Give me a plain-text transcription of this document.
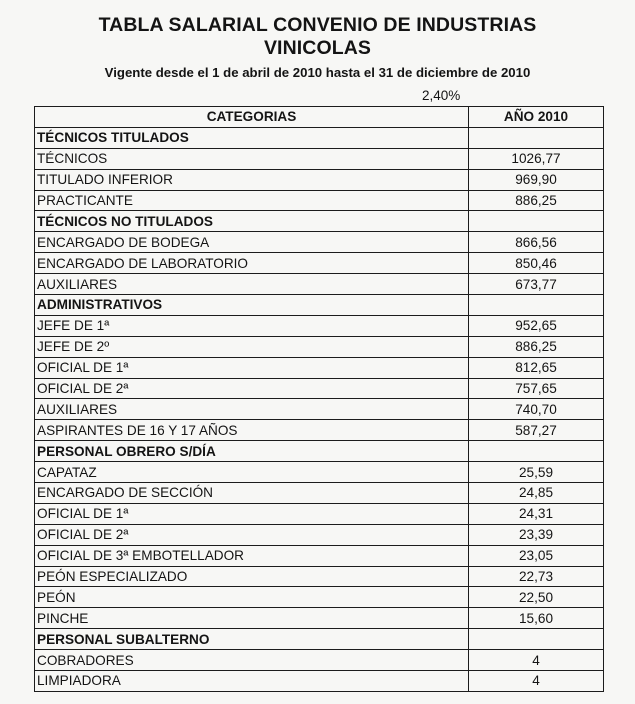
TABLA SALARIAL CONVENIO DE INDUSTRIAS
VINICOLAS
Vigente desde el 1 de abril de 2010 hasta el 31 de diciembre de 2010
2,40%
CATEGORIAS	AÑO 2010
TÉCNICOS TITULADOS	
TÉCNICOS	1026,77
TITULADO INFERIOR	969,90
PRACTICANTE	886,25
TÉCNICOS NO TITULADOS	
ENCARGADO DE BODEGA	866,56
ENCARGADO DE LABORATORIO	850,46
AUXILIARES	673,77
ADMINISTRATIVOS	
JEFE DE 1ª	952,65
JEFE DE 2º	886,25
OFICIAL DE 1ª	812,65
OFICIAL DE 2ª	757,65
AUXILIARES	740,70
ASPIRANTES DE 16 Y 17 AÑOS	587,27
PERSONAL OBRERO S/DÍA	
CAPATAZ	25,59
ENCARGADO DE SECCIÓN	24,85
OFICIAL DE 1ª	24,31
OFICIAL DE 2ª	23,39
OFICIAL DE 3ª EMBOTELLADOR	23,05
PEÓN ESPECIALIZADO	22,73
PEÓN	22,50
PINCHE	15,60
PERSONAL SUBALTERNO	
COBRADORES	4
LIMPIADORA	4
